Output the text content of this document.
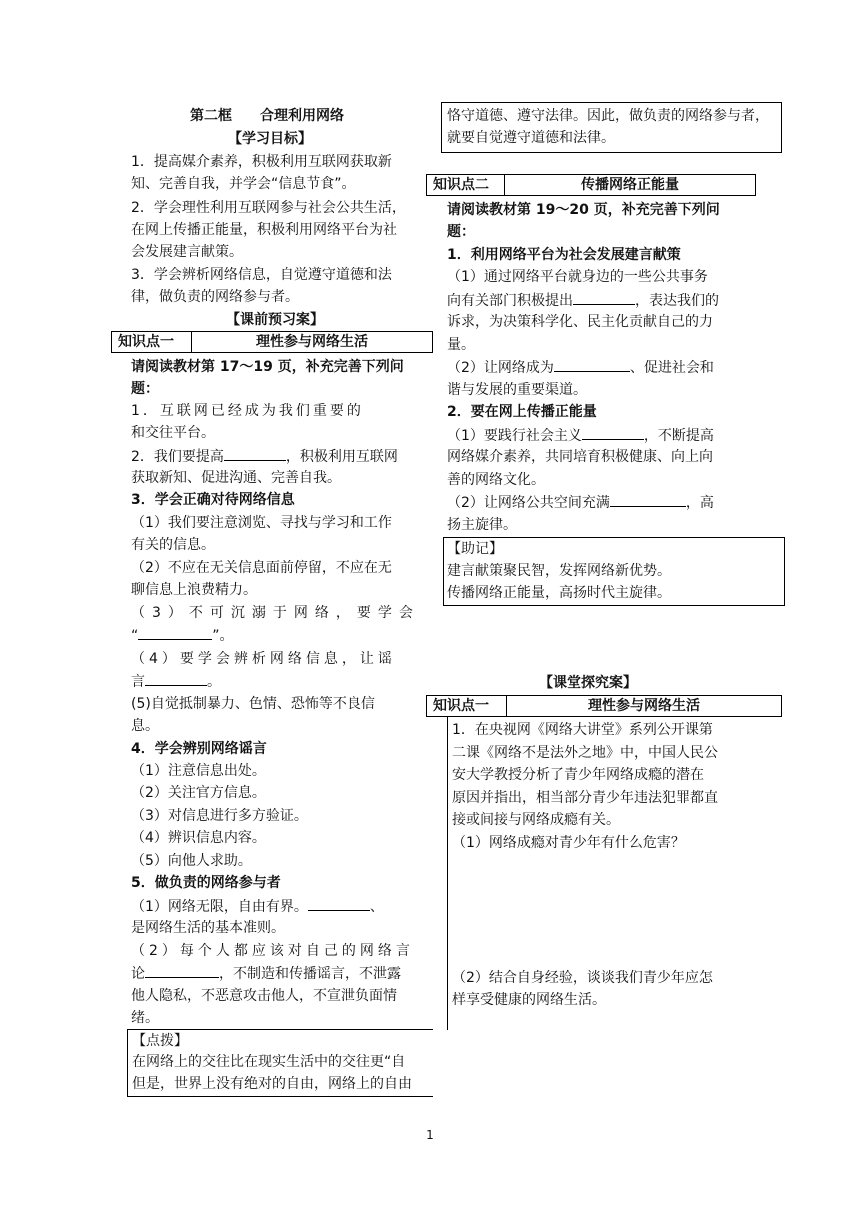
第二框　　合理利用网络
【学习目标】
1．提高媒介素养，积极利用互联网获取新
知、完善自我，并学会“信息节食”。
2．学会理性利用互联网参与社会公共生活，
在网上传播正能量，积极利用网络平台为社
会发展建言献策。
3．学会辨析网络信息，自觉遵守道德和法
律，做负责的网络参与者。
【课前预习案】
知识点一	理性参与网络生活
请阅读教材第 17～19 页，补充完善下列问
题：
1．互联网已经成为我们重要的
和交往平台。
2．我们要提高	，积极利用互联网
获取新知、促进沟通、完善自我。
3．学会正确对待网络信息
（1）我们要注意浏览、寻找与学习和工作
有关的信息。
（2）不应在无关信息面前停留，不应在无
聊信息上浪费精力。
（3）不可沉溺于网络，要学会
“	”。
（4）要学会辨析网络信息，让谣
言	。
(5)自觉抵制暴力、色情、恐怖等不良信
息。
4．学会辨别网络谣言
（1）注意信息出处。
（2）关注官方信息。
（3）对信息进行多方验证。
（4）辨识信息内容。
（5）向他人求助。
5．做负责的网络参与者
（1）网络无限，自由有界。	、
是网络生活的基本准则。
（2）每个人都应该对自己的网络言
论	，不制造和传播谣言，不泄露
他人隐私，不恶意攻击他人，不宣泄负面情
绪。
【点拨】
在网络上的交往比在现实生活中的交往更“自
但是，世界上没有绝对的自由，网络上的自由
恪守道德、遵守法律。因此，做负责的网络参与者，
就要自觉遵守道德和法律。
知识点二	传播网络正能量
请阅读教材第 19～20 页，补充完善下列问
题：
1．利用网络平台为社会发展建言献策
（1）通过网络平台就身边的一些公共事务
向有关部门积极提出	，表达我们的
诉求，为决策科学化、民主化贡献自己的力
量。
（2）让网络成为	、促进社会和
谐与发展的重要渠道。
2．要在网上传播正能量
（1）要践行社会主义	，不断提高
网络媒介素养，共同培育积极健康、向上向
善的网络文化。
（2）让网络公共空间充满	，高
扬主旋律。
【助记】
建言献策聚民智，发挥网络新优势。
传播网络正能量，高扬时代主旋律。
【课堂探究案】
知识点一	理性参与网络生活
1．在央视网《网络大讲堂》系列公开课第
二课《网络不是法外之地》中，中国人民公
安大学教授分析了青少年网络成瘾的潜在
原因并指出，相当部分青少年违法犯罪都直
接或间接与网络成瘾有关。
（1）网络成瘾对青少年有什么危害？
（2）结合自身经验，谈谈我们青少年应怎
样享受健康的网络生活。
1
